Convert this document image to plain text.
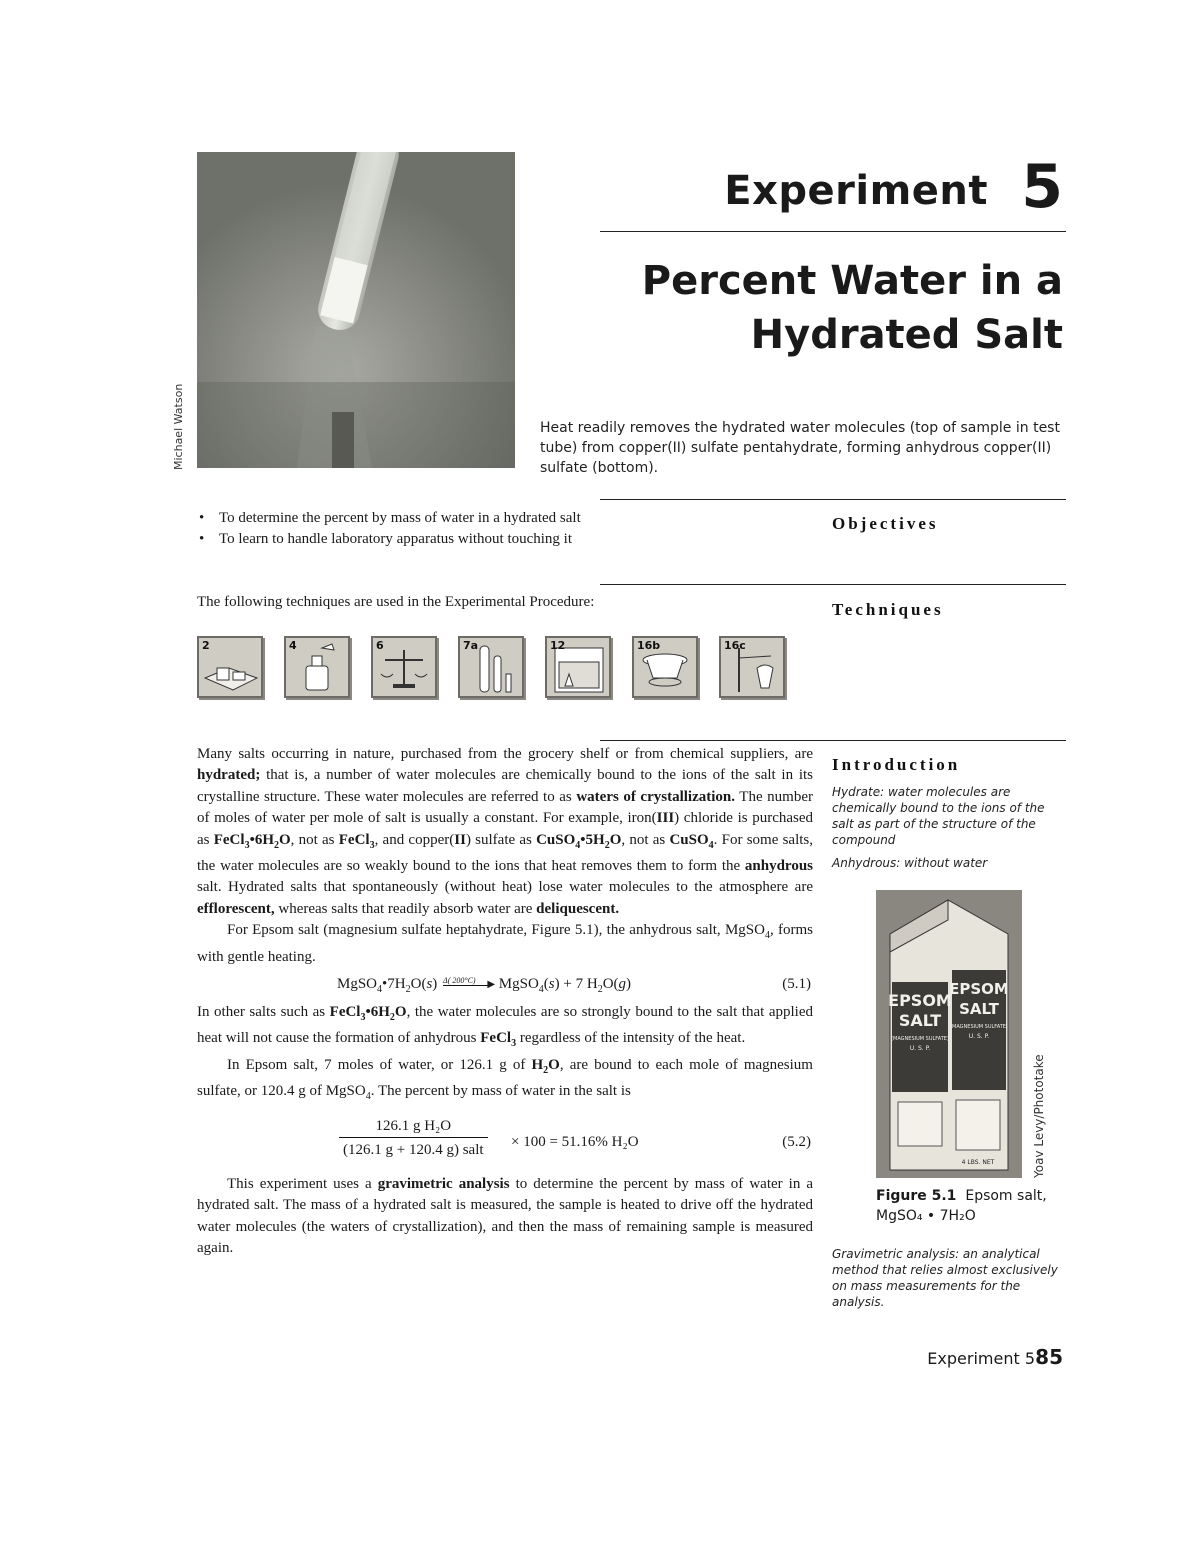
Michael Watson
Experiment 5
Percent Water in a
Hydrated Salt
Heat readily removes the hydrated water molecules (top of sample in test tube) from copper(II) sulfate pentahydrate, forming anhydrous copper(II) sulfate (bottom).
Objectives
• To determine the percent by mass of water in a hydrated salt
• To learn to handle laboratory apparatus without touching it
Techniques
The following techniques are used in the Experimental Procedure:
2	4	6	7a	12	16b	16c
Introduction
Hydrate: water molecules are chemically bound to the ions of the salt as part of the structure of the compound
Anhydrous: without water

Many salts occurring in nature, purchased from the grocery shelf or from chemical suppliers, are hydrated; that is, a number of water molecules are chemically bound to the ions of the salt in its crystalline structure. These water molecules are referred to as waters of crystallization. The number of moles of water per mole of salt is usually a constant. For example, iron(III) chloride is purchased as $FeCl_3•6H_2O$, not as FeCl$_3$, and copper(II) sulfate as $CuSO_4•5H_2O$, not as CuSO$_4$. For some salts, the water molecules are so weakly bound to the ions that heat removes them to form the anhydrous salt. Hydrated salts that spontaneously (without heat) lose water molecules to the atmosphere are efflorescent, whereas salts that readily absorb water are deliquescent.

For Epsom salt (magnesium sulfate heptahydrate, Figure 5.1), the anhydrous salt, MgSO$_4$, forms with gentle heating.

$MgSO_4•7H_2O(s)$ Δ( 200°C) ▶ MgSO$_4$(s) + 7 $H_2O(g)$	(5.1)

In other salts such as $FeCl_3•6H_2O$, the water molecules are so strongly bound to the salt that applied heat will not cause the formation of anhydrous FeCl$_3$ regardless of the intensity of the heat.

In Epsom salt, 7 moles of water, or 126.1 g of $H_2O$, are bound to each mole of magnesium sulfate, or 120.4 g of MgSO$_4$. The percent by mass of water in the salt is

126.1 g H₂O
(126.1 g + 120.4 g) salt
× 100 = 51.16% H₂O	(5.2)

This experiment uses a gravimetric analysis to determine the percent by mass of water in a hydrated salt. The mass of a hydrated salt is measured, the sample is heated to drive off the hydrated water molecules (the waters of crystallization), and then the mass of remaining sample is measured again.

EPSOM
SALT
(MAGNESIUM SULFATE)
U. S. P.
EPSOM
SALT
(MAGNESIUM SULFATE)
U. S. P.
4 LBS. NET	Yoav Levy/Phototake
Figure 5.1 Epsom salt,
MgSO₄ • 7H₂O
Gravimetric analysis: an analytical method that relies almost exclusively on mass measurements for the analysis.
Experiment 5 85
